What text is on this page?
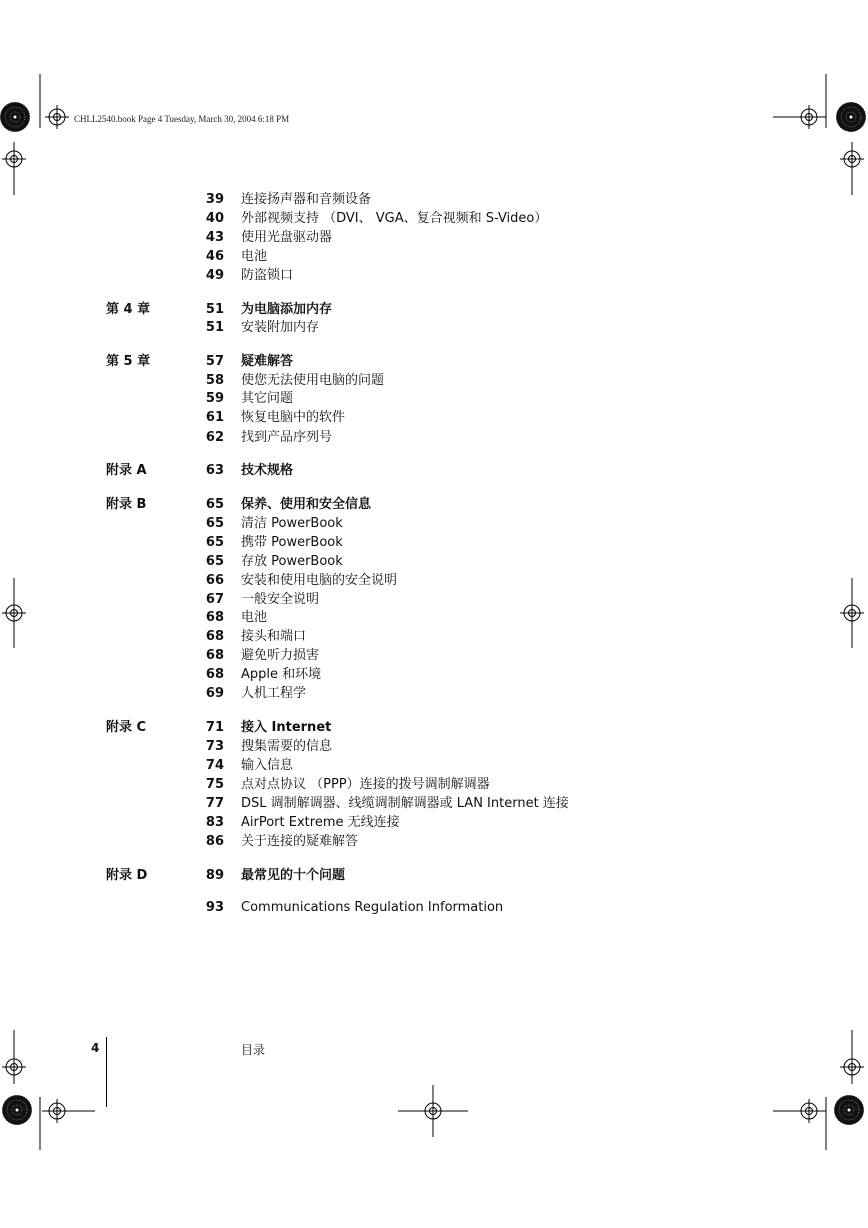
CHLL2540.book Page 4 Tuesday, March 30, 2004 6:18 PM
39 连接扬声器和音频设备
40 外部视频支持 （DVI、 VGA、复合视频和 S-Video）
43 使用光盘驱动器
46 电池
49 防盗锁口
第 4 章	51 为电脑添加内存
51 安装附加内存
第 5 章	57 疑难解答
58 使您无法使用电脑的问题
59 其它问题
61 恢复电脑中的软件
62 找到产品序列号
附录 A	63 技术规格
附录 B	65 保养、使用和安全信息
65 清洁 PowerBook
65 携带 PowerBook
65 存放 PowerBook
66 安装和使用电脑的安全说明
67 一般安全说明
68 电池
68 接头和端口
68 避免听力损害
68 Apple 和环境
69 人机工程学
附录 C	71 接入 Internet
73 搜集需要的信息
74 输入信息
75 点对点协议 （PPP）连接的拨号调制解调器
77 DSL 调制解调器、线缆调制解调器或 LAN Internet 连接
83 AirPort Extreme 无线连接
86 关于连接的疑难解答
附录 D	89 最常见的十个问题
93 Communications Regulation Information
4	目录
